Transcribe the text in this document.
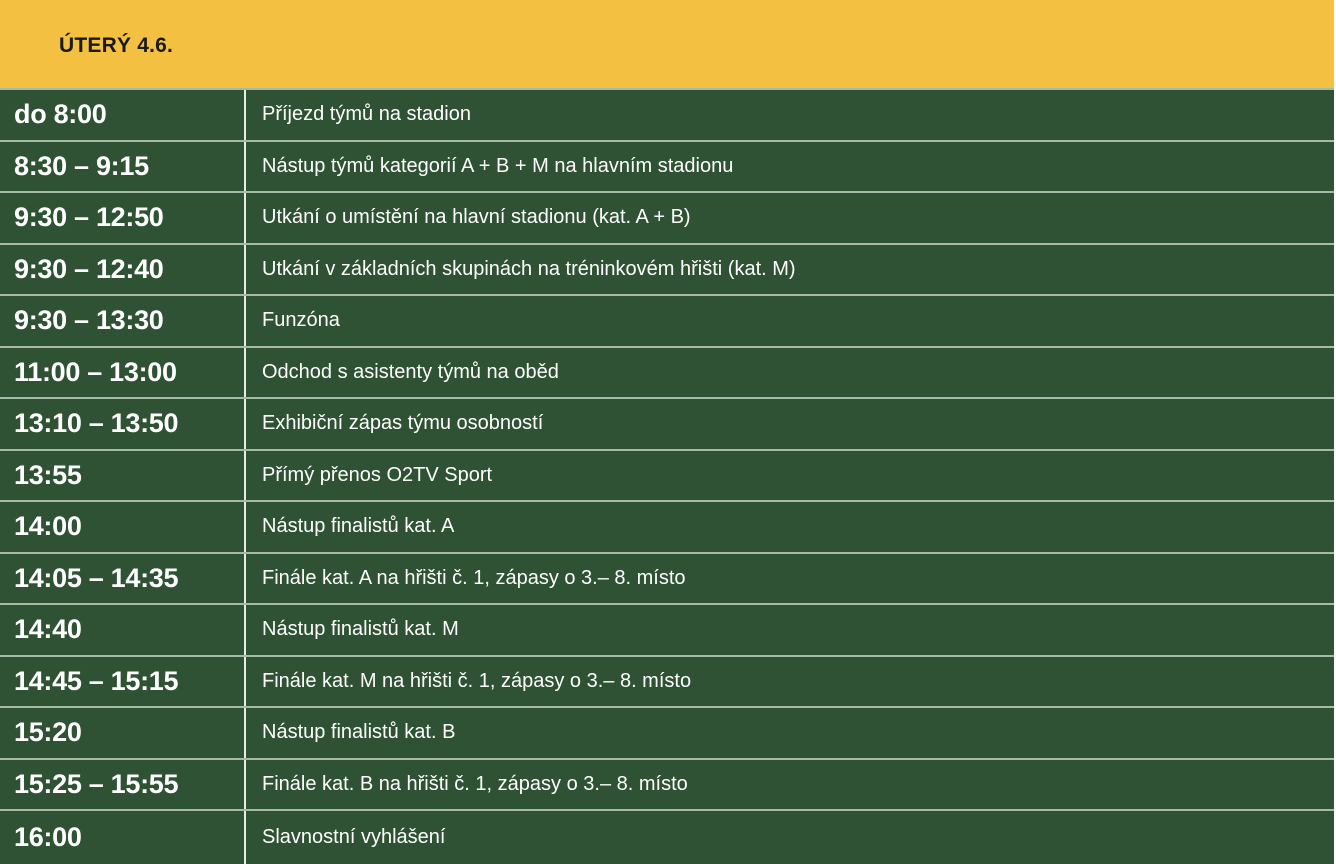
ÚTERÝ 4.6.
do 8:00	Příjezd týmů na stadion
8:30 – 9:15	Nástup týmů kategorií A + B + M na hlavním stadionu
9:30 – 12:50	Utkání o umístění na hlavní stadionu (kat. A + B)
9:30 – 12:40	Utkání v základních skupinách na tréninkovém hřišti (kat. M)
9:30 – 13:30	Funzóna
11:00 – 13:00	Odchod s asistenty týmů na oběd
13:10 – 13:50	Exhibiční zápas týmu osobností
13:55	Přímý přenos O2TV Sport
14:00	Nástup finalistů kat. A
14:05 – 14:35	Finále kat. A na hřišti č. 1, zápasy o 3.– 8. místo
14:40	Nástup finalistů kat. M
14:45 – 15:15	Finále kat. M na hřišti č. 1, zápasy o 3.– 8. místo
15:20	Nástup finalistů kat. B
15:25 – 15:55	Finále kat. B na hřišti č. 1, zápasy o 3.– 8. místo
16:00	Slavnostní vyhlášení
